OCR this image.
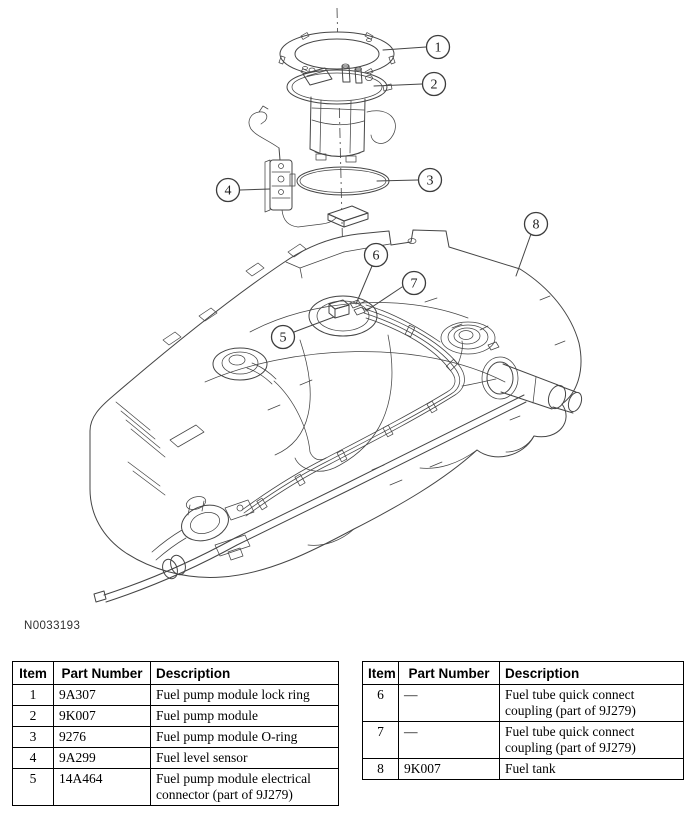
1
2
3
4
5
6
7
8
N0033193
Item	Part Number	Description
1	9A307	Fuel pump module lock ring
2	9K007	Fuel pump module
3	9276	Fuel pump module O-ring
4	9A299	Fuel level sensor
5	14A464	Fuel pump module electrical connector (part of 9J279)
Item	Part Number	Description
6	—	Fuel tube quick connect coupling (part of 9J279)
7	—	Fuel tube quick connect coupling (part of 9J279)
8	9K007	Fuel tank
